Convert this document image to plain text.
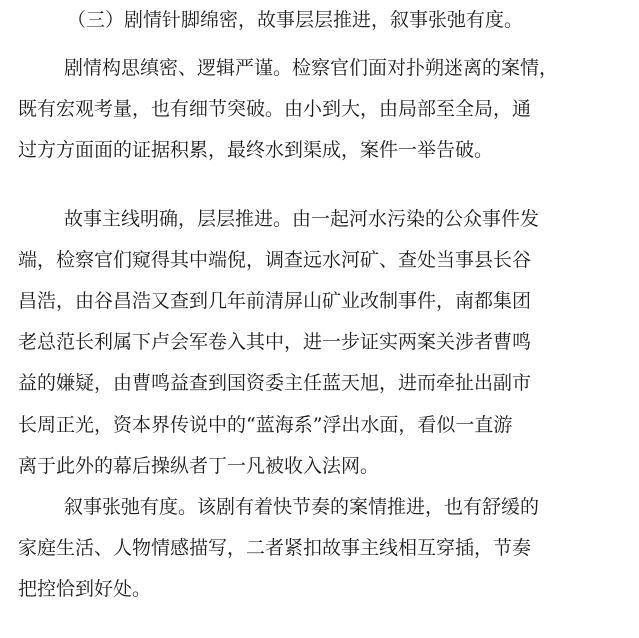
（三）剧情针脚绵密，故事层层推进，叙事张弛有度。
剧情构思缜密、逻辑严谨。检察官们面对扑朔迷离的案情，
既有宏观考量，也有细节突破。由小到大，由局部至全局，通
过方方面面的证据积累，最终水到渠成，案件一举告破。
故事主线明确，层层推进。由一起河水污染的公众事件发
端，检察官们窥得其中端倪，调查远水河矿、查处当事县长谷
昌浩，由谷昌浩又查到几年前清屏山矿业改制事件，南都集团
老总范长利属下卢会军卷入其中，进一步证实两案关涉者曹鸣
益的嫌疑，由曹鸣益查到国资委主任蓝天旭，进而牵扯出副市
长周正光，资本界传说中的“蓝海系”浮出水面，看似一直游
离于此外的幕后操纵者丁一凡被收入法网。
叙事张弛有度。该剧有着快节奏的案情推进，也有舒缓的
家庭生活、人物情感描写，二者紧扣故事主线相互穿插，节奏
把控恰到好处。
